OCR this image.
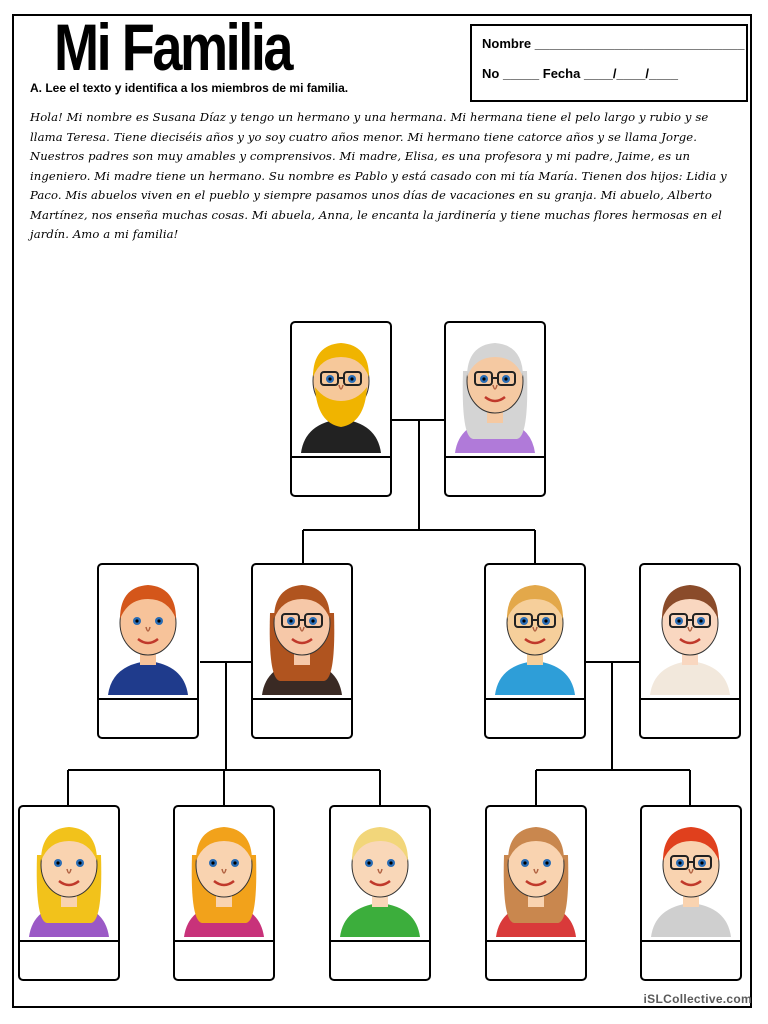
Mi Familia	Nombre _____________________________
No _____ Fecha ____/____/____
A. Lee el texto y identifica a los miembros de mi familia.
Hola! Mi nombre es Susana Díaz y tengo un hermano y una hermana. Mi hermana tiene el pelo largo y rubio y se llama Teresa. Tiene dieciséis años y yo soy cuatro años menor. Mi hermano tiene catorce años y se llama Jorge. Nuestros padres son muy amables y comprensivos. Mi madre, Elisa, es una profesora y mi padre, Jaime, es un ingeniero. Mi madre tiene un hermano. Su nombre es Pablo y está casado con mi tía María. Tienen dos hijos: Lidia y Paco. Mis abuelos viven en el pueblo y siempre pasamos unos días de vacaciones en su granja. Mi abuelo, Alberto Martínez, nos enseña muchas cosas. Mi abuela, Anna, le encanta la jardinería y tiene muchas flores hermosas en el jardín. Amo a mi familia!
iSLCollective.com
